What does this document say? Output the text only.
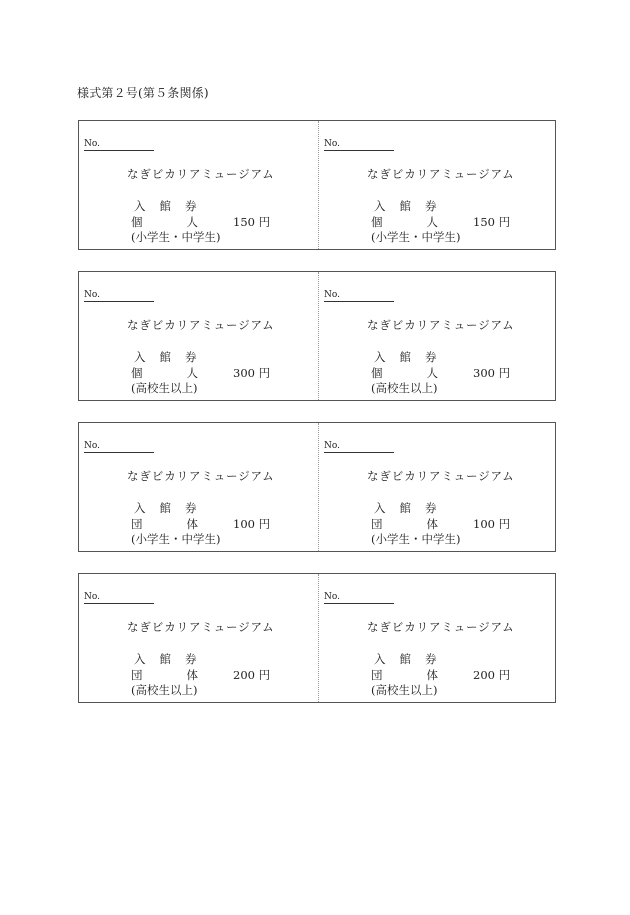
様式第２号(第５条関係)
No.
なぎビカリアミュージアム
入館券
個人
150 円
(小学生・中学生)
No.
なぎビカリアミュージアム
入館券
個人
150 円
(小学生・中学生)
No.
なぎビカリアミュージアム
入館券
個人
300 円
(高校生以上)
No.
なぎビカリアミュージアム
入館券
個人
300 円
(高校生以上)
No.
なぎビカリアミュージアム
入館券
団体
100 円
(小学生・中学生)
No.
なぎビカリアミュージアム
入館券
団体
100 円
(小学生・中学生)
No.
なぎビカリアミュージアム
入館券
団体
200 円
(高校生以上)
No.
なぎビカリアミュージアム
入館券
団体
200 円
(高校生以上)
